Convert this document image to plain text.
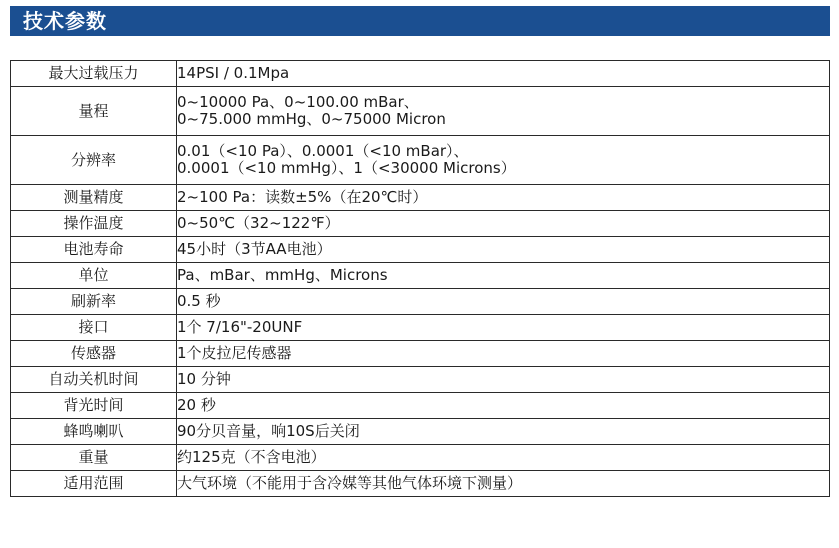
技术参数
最大过载压力	14PSI / 0.1Mpa

量程	0~10000 Pa、0~100.00 mBar、
0~75.000 mmHg、0~75000 Micron

分辨率	0.01（<10 Pa）、0.0001（<10 mBar）、
0.0001（<10 mmHg）、1（<30000 Microns）

测量精度	2~100 Pa：读数±5%（在20℃时）

操作温度	0~50℃（32~122℉）

电池寿命	45小时（3节AA电池）

单位	Pa、mBar、mmHg、Microns

刷新率	0.5 秒

接口	1个 7/16"-20UNF

传感器	1个皮拉尼传感器

自动关机时间	10 分钟

背光时间	20 秒

蜂鸣喇叭	90分贝音量，响10S后关闭

重量	约125克（不含电池）

适用范围	大气环境（不能用于含冷媒等其他气体环境下测量）
